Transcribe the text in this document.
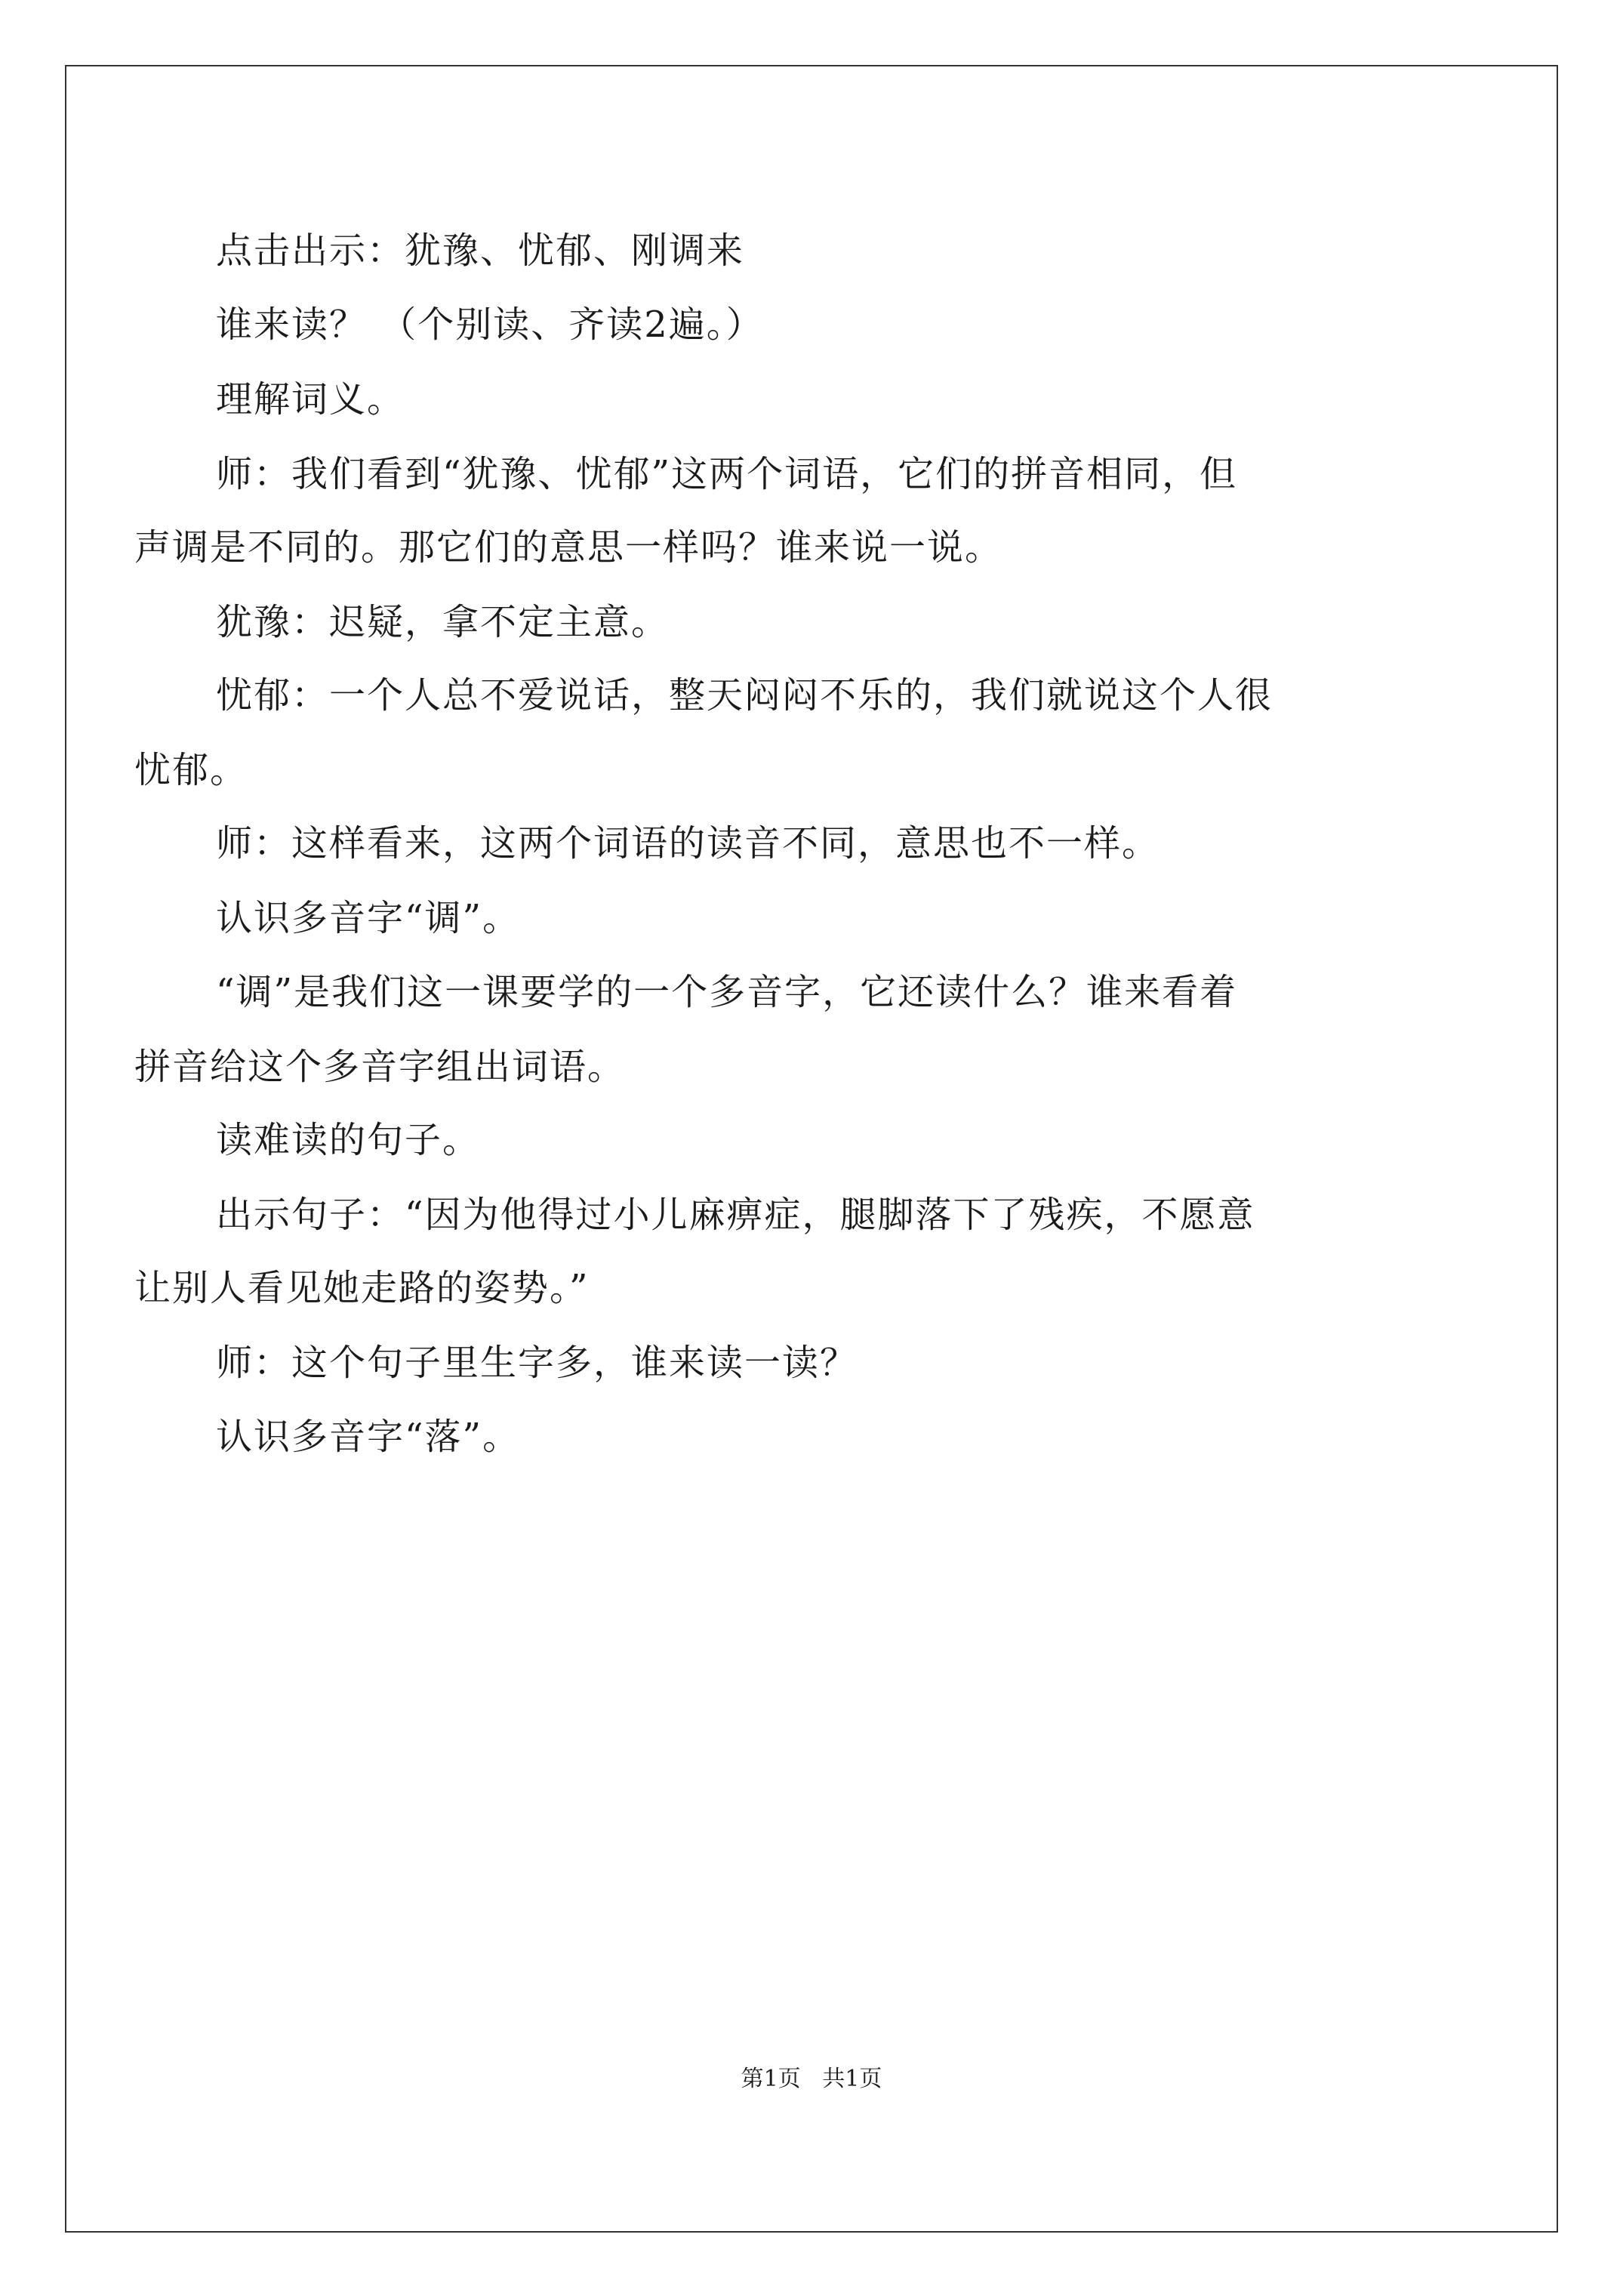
点击出示：犹豫、忧郁、刚调来
谁来读？ （个别读、齐读2遍。）
理解词义。
师：我们看到“犹豫、忧郁”这两个词语，它们的拼音相同，但
声调是不同的。那它们的意思一样吗？谁来说一说。
犹豫：迟疑，拿不定主意。
忧郁：一个人总不爱说话，整天闷闷不乐的，我们就说这个人很
忧郁。
师：这样看来，这两个词语的读音不同，意思也不一样。
认识多音字“调”。
“调”是我们这一课要学的一个多音字，它还读什么？谁来看着
拼音给这个多音字组出词语。
读难读的句子。
出示句子：“因为他得过小儿麻痹症，腿脚落下了残疾，不愿意
让别人看见她走路的姿势。”
师：这个句子里生字多，谁来读一读？
认识多音字“落”。
第1页   共1页
